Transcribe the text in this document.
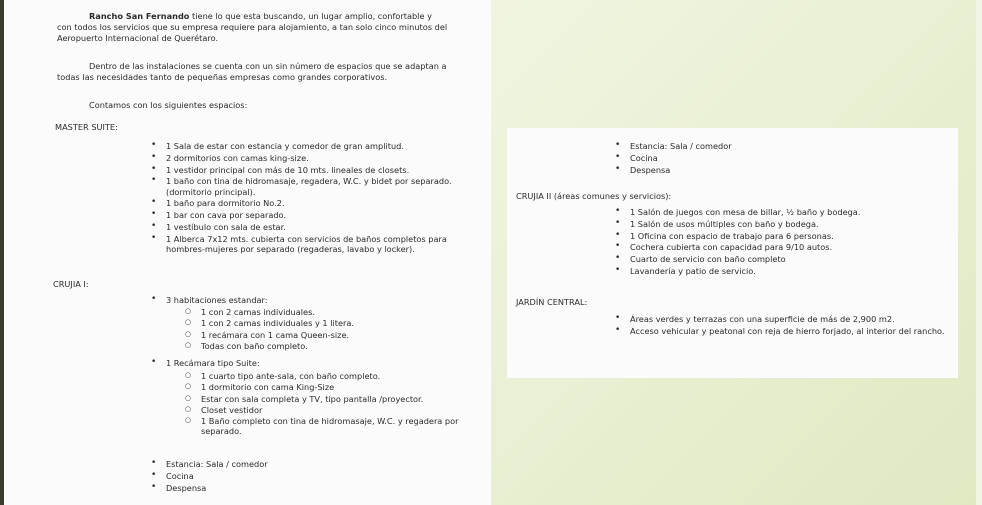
Rancho San Fernando tiene lo que esta buscando, un lugar amplio, confortable y

con todos los servicios que su empresa requiere para alojamiento, a tan solo cinco minutos del

Aeropuerto Internacional de Querétaro.

Dentro de las instalaciones se cuenta con un sin número de espacios que se adaptan a

todas las necesidades tanto de pequeñas empresas como grandes corporativos.

Contamos con los siguientes espacios:

MASTER SUITE:

• 1 Sala de estar con estancia y comedor de gran amplitud.
• 2 dormitorios con camas king-size.
• 1 vestidor principal con más de 10 mts. lineales de closets.
• 1 baño con tina de hidromasaje, regadera, W.C. y bidet por separado. (dormitorio principal).
• 1 baño para dormitorio No.2.
• 1 bar con cava por separado.
• 1 vestíbulo con sala de estar.
• 1 Alberca 7x12 mts. cubierta con servicios de baños completos para hombres-mujeres por separado (regaderas, lavabo y locker).

CRUJIA I:

• 3 habitaciones estandar:
○ 1 con 2 camas individuales.
○ 1 con 2 camas individuales y 1 litera.
○ 1 recámara con 1 cama Queen-size.
○ Todas con baño completo.
• 1 Recámara tipo Suite:
○ 1 cuarto tipo ante-sala, con baño completo.
○ 1 dormitorio con cama King-Size
○ Estar con sala completa y TV, tipo pantalla /proyector.
○ Closet vestidor
○ 1 Baño completo con tina de hidromasaje, W.C. y regadera por separado.
• Estancia: Sala / comedor
• Cocina
• Despensa
• Estancia: Sala / comedor
• Cocina
• Despensa

CRUJIA II (áreas comunes y servicios):

• 1 Salón de juegos con mesa de billar, ½ baño y bodega.
• 1 Salón de usos múltiples con baño y bodega.
• 1 Oficina con espacio de trabajo para 6 personas.
• Cochera cubierta con capacidad para 9/10 autos.
• Cuarto de servicio con baño completo
• Lavandería y patio de servicio.

JARDÍN CENTRAL:

• Áreas verdes y terrazas con una superficie de más de 2,900 m2.
• Acceso vehicular y peatonal con reja de hierro forjado, al interior del rancho.
